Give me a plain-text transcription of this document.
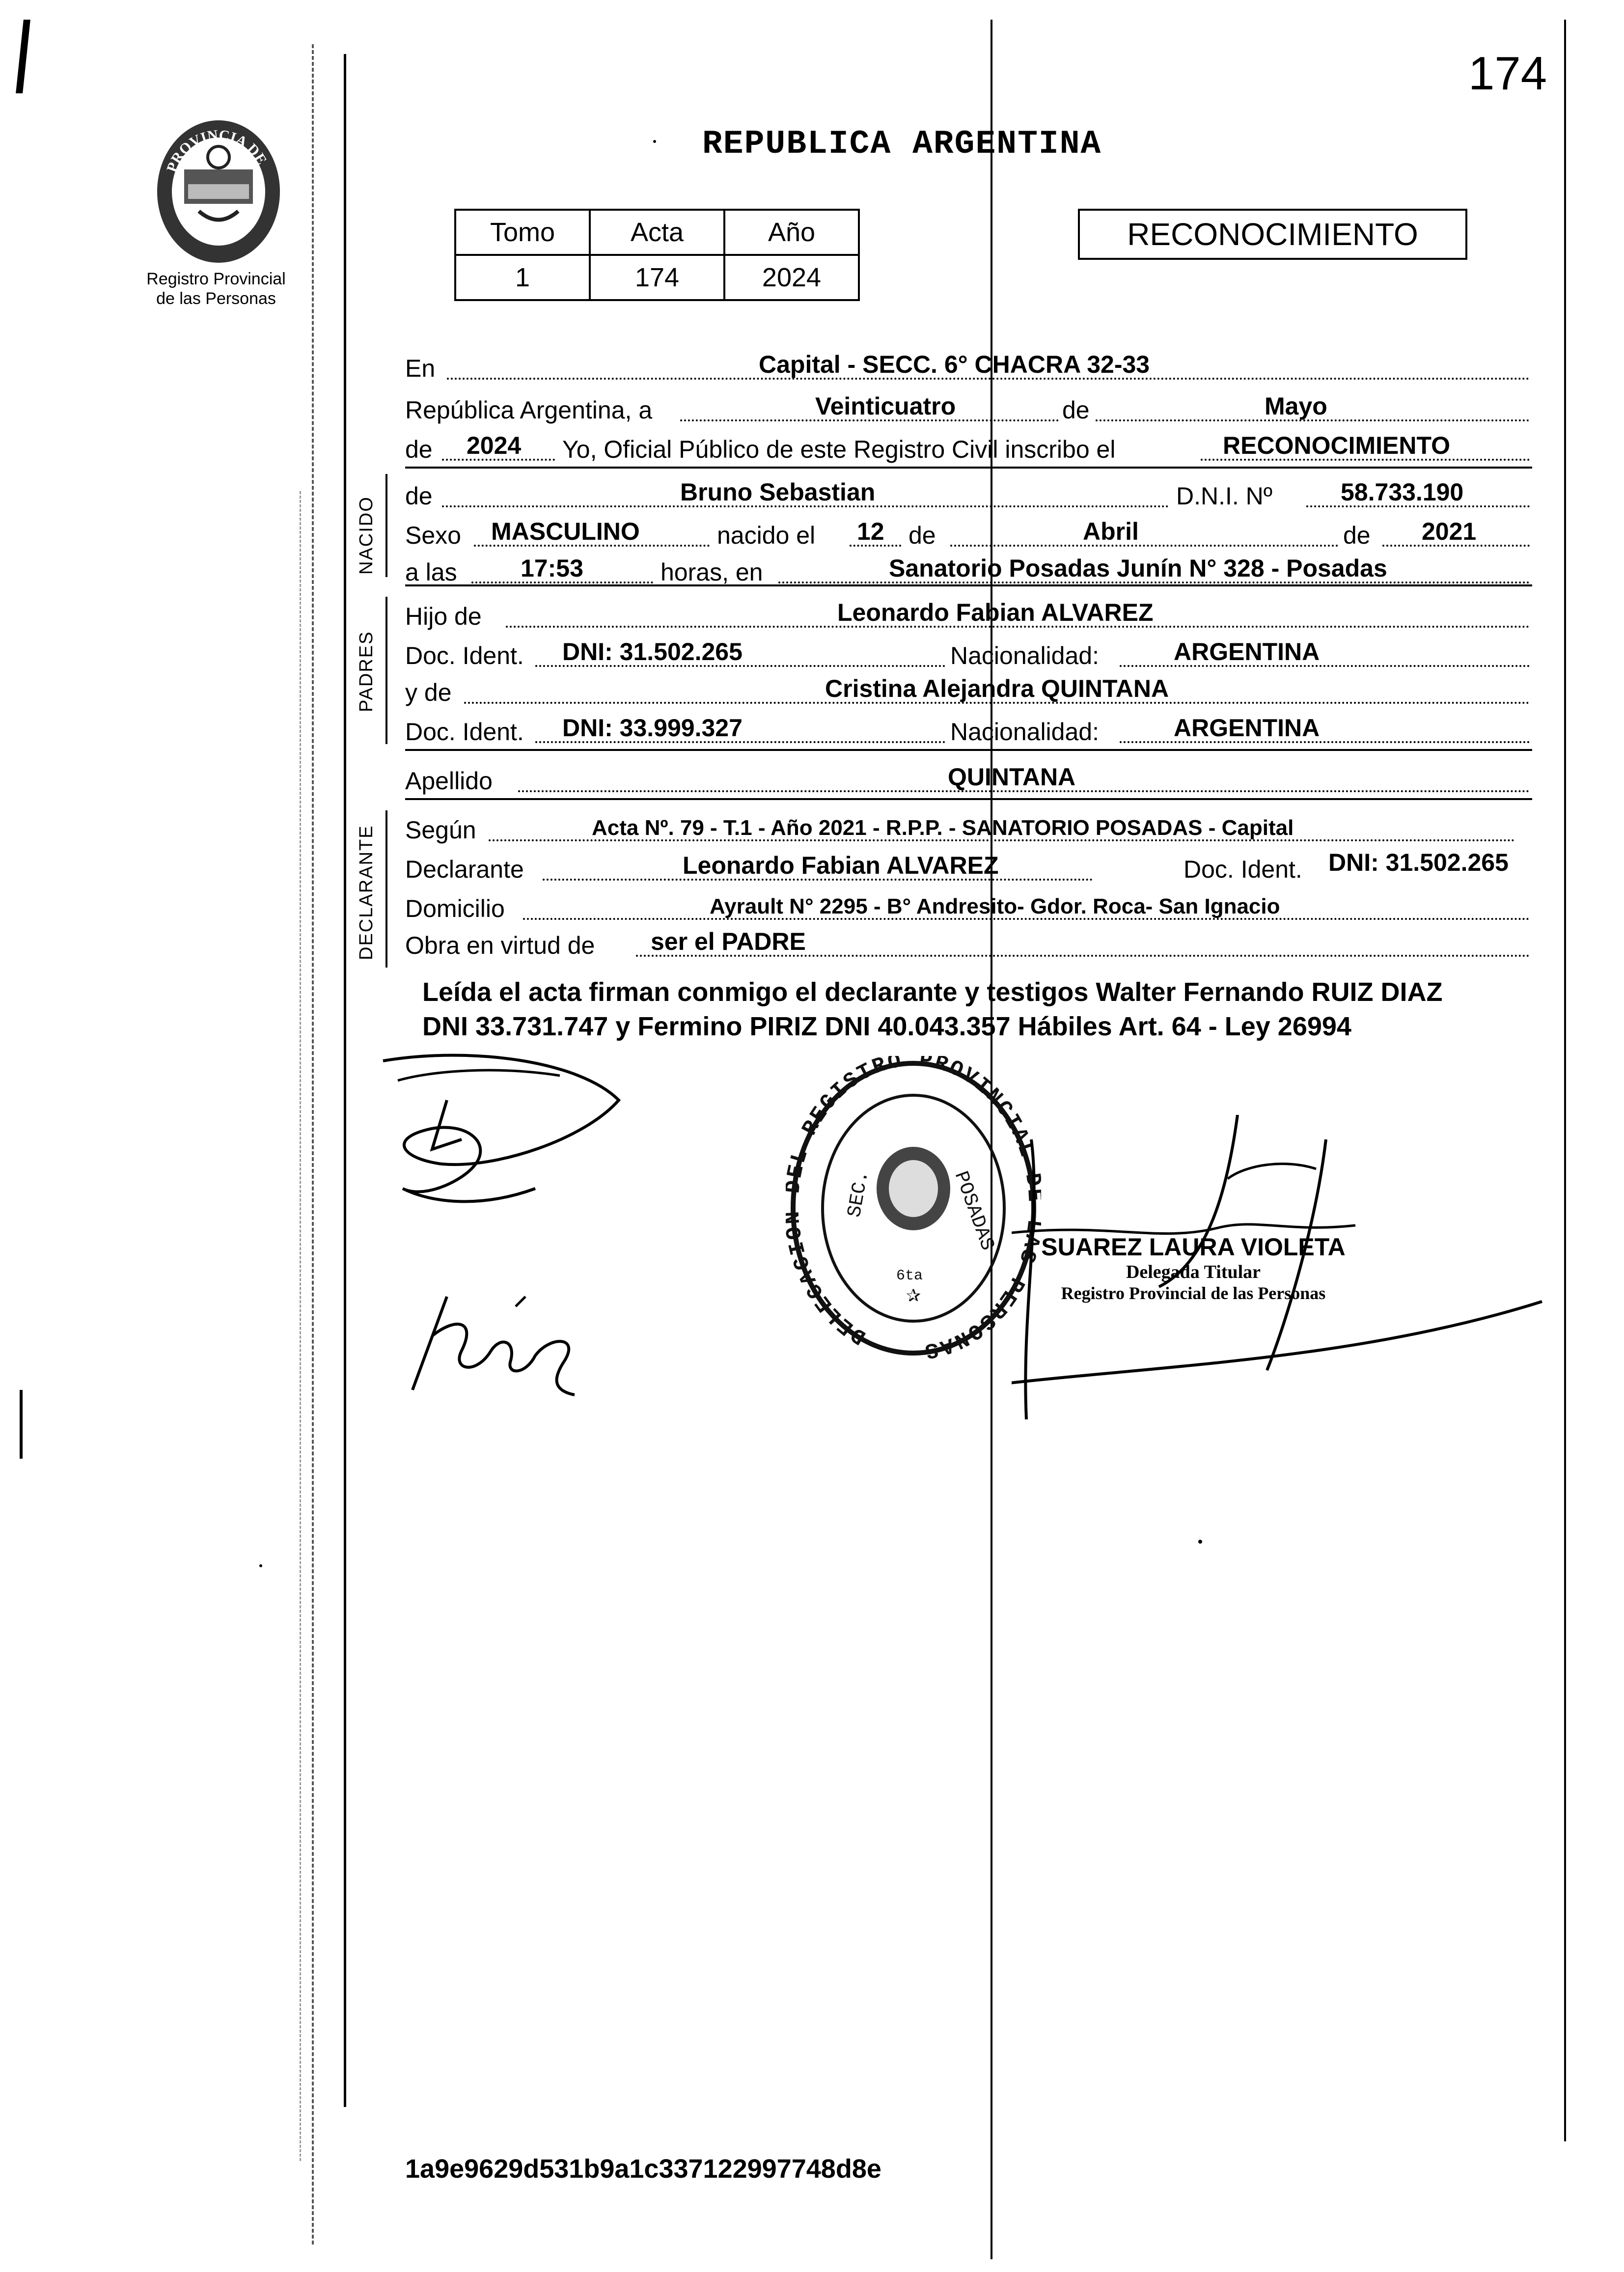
174
REPUBLICA ARGENTINA
PROVINCIA DE
MISIONES
Registro Provincial
de las Personas
Tomo	Acta	Año
1	174	2024
RECONOCIMIENTO
En	Capital - SECC. 6° CHACRA 32-33
República Argentina, a	Veinticuatro	de	Mayo
de 2024 Yo, Oficial Público de este Registro Civil inscribo el	RECONOCIMIENTO
NACIDO
de	Bruno Sebastian	D.N.I. Nº	58.733.190
Sexo MASCULINO	nacido el 12 de	Abril	de 2021
a las	17:53	horas, en	Sanatorio Posadas Junín N° 328 - Posadas
PADRES
Hijo de	Leonardo Fabian ALVAREZ
Doc. Ident. DNI: 31.502.265	Nacionalidad:	ARGENTINA
y de	Cristina Alejandra QUINTANA
Doc. Ident. DNI: 33.999.327	Nacionalidad:	ARGENTINA
Apellido	QUINTANA
DECLARANTE Según	Acta Nº. 79 - T.1 - Año 2021 - R.P.P. - SANATORIO POSADAS - Capital
Declarante	Leonardo Fabian ALVAREZ	Doc. Ident. DNI: 31.502.265
Domicilio	Ayrault N° 2295 - B° Andresito- Gdor. Roca- San Ignacio
Obra en virtud de ser el PADRE
Leída el acta firman conmigo el declarante y testigos Walter Fernando RUIZ DIAZ
DNI 33.731.747 y Fermino PIRIZ DNI 40.043.357 Hábiles Art. 64 - Ley 26994
DELEGACI L REGISTRO PROVINCIAL S PERSONAS
SEC.	POSADAS
6ta
✰
SUAREZ LAURA VIOLETA
Delegada Titular
Registro Provincial de las Personas
1a9e9629d531b9a1c337122997748d8e
